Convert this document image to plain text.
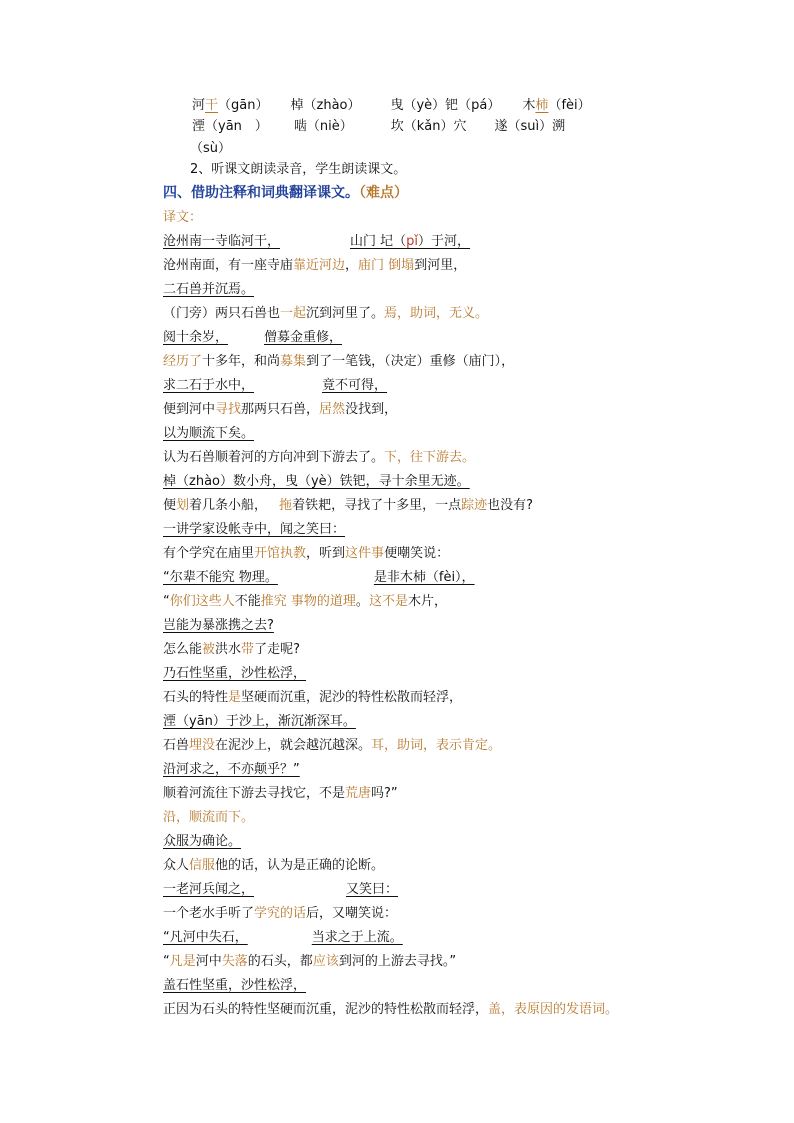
河干（gān） 棹（zhào） 曳（yè）钯（pá） 木柿（fèi）
湮（yān　） 啮（niè）	坎（kǎn）穴 遂（suì）溯
（sù）
2、听课文朗读录音，学生朗读课文。
四、借助注释和词典翻译课文。（难点）
译文：
沧州南一寺临河干，	山门 圮（pǐ）于河，
沧州南面，有一座寺庙靠近河边，庙门 倒塌到河里，
二石兽并沉焉。
（门旁）两只石兽也一起沉到河里了。焉，助词，无义。
阅十余岁，	僧募金重修，
经历了十多年，和尚募集到了一笔钱，（决定）重修（庙门），
求二石于水中，	竟不可得，
便到河中寻找那两只石兽，居然没找到，
以为顺流下矣。
认为石兽顺着河的方向冲到下游去了。下，往下游去。
棹（zhào）数小舟，曳（yè）铁钯，寻十余里无迹。
便划着几条小船， 拖着铁耙，寻找了十多里，一点踪迹也没有?
一讲学家设帐寺中，闻之笑曰：
有个学究在庙里开馆执教，听到这件事便嘲笑说：
“尔辈不能究 物理。	是非木杮（fèi），
“你们这些人不能推究 事物的道理。这不是木片，
岂能为暴涨携之去?
怎么能被洪水带了走呢?
乃石性坚重，沙性松浮，
石头的特性是坚硬而沉重，泥沙的特性松散而轻浮，
湮（yān）于沙上，渐沉渐深耳。
石兽埋没在泥沙上，就会越沉越深。耳，助词，表示肯定。
沿河求之，不亦颠乎？”
顺着河流往下游去寻找它，不是荒唐吗?”
沿，顺流而下。
众服为确论。
众人信服他的话，认为是正确的论断。
一老河兵闻之，	又笑曰：
一个老水手听了学究的话后，又嘲笑说：
“凡河中失石，	当求之于上流。
“凡是河中失落的石头，都应该到河的上游去寻找。”
盖石性坚重，沙性松浮，
正因为石头的特性坚硬而沉重，泥沙的特性松散而轻浮，盖，表原因的发语词。
